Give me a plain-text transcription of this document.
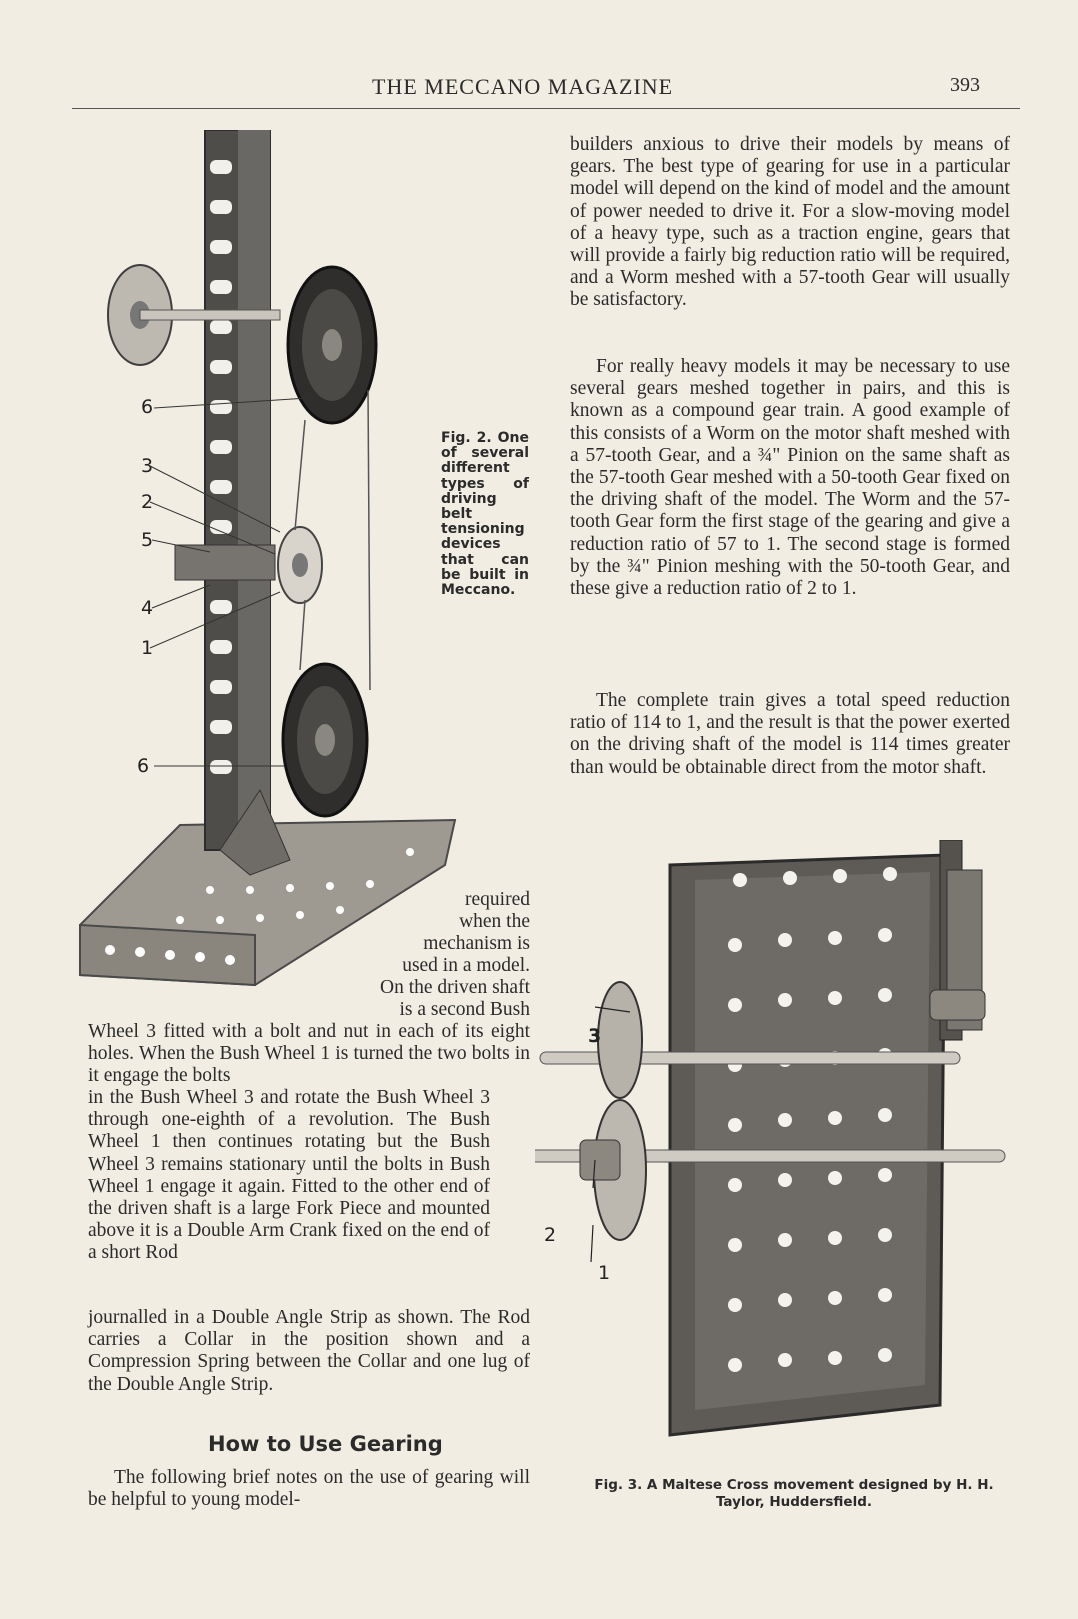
THE MECCANO MAGAZINE	393
6
3
2
5
4
1
6
Fig. 2. One of several different types of driving belt tensioning devices that can be built in Meccano.

builders anxious to drive their models by means of gears. The best type of gearing for use in a particular model will depend on the kind of model and the amount of power needed to drive it. For a slow-moving model of a heavy type, such as a traction engine, gears that will provide a fairly big reduction ratio will be required, and a Worm meshed with a 57-tooth Gear will usually be satisfactory.

For really heavy models it may be necessary to use several gears meshed together in pairs, and this is known as a compound gear train. A good example of this consists of a Worm on the motor shaft meshed with a 57-tooth Gear, and a ¾" Pinion on the same shaft as the 57-tooth Gear meshed with a 50-tooth Gear fixed on the driving shaft of the model. The Worm and the 57-tooth Gear form the first stage of the gearing and give a reduction ratio of 57 to 1. The second stage is formed by the ¾" Pinion meshing with the 50-tooth Gear, and these give a reduction ratio of 2 to 1.

The complete train gives a total speed reduction ratio of 114 to 1, and the result is that the power exerted on the driving shaft of the model is 114 times greater than would be obtainable direct from the motor shaft.

required
when the
mechanism is
used in a model.
On the driven shaft
is a second Bush

Wheel 3 fitted with a bolt and nut in each of its eight holes. When the Bush Wheel 1 is turned the two bolts in it engage the bolts

in the Bush Wheel 3 and rotate the Bush Wheel 3 through one-eighth of a revolution. The Bush Wheel 1 then continues rotating but the Bush Wheel 3 remains stationary until the bolts in Bush Wheel 1 engage it again. Fitted to the other end of the driven shaft is a large Fork Piece and mounted above it is a Double Arm Crank fixed on the end of a short Rod

journalled in a Double Angle Strip as shown. The Rod carries a Collar in the position shown and a Compression Spring between the Collar and one lug of the Double Angle Strip.

How to Use Gearing

The following brief notes on the use of gearing will be helpful to young model-

3
2
1
Fig. 3. A Maltese Cross movement designed by H. H. Taylor, Huddersfield.
